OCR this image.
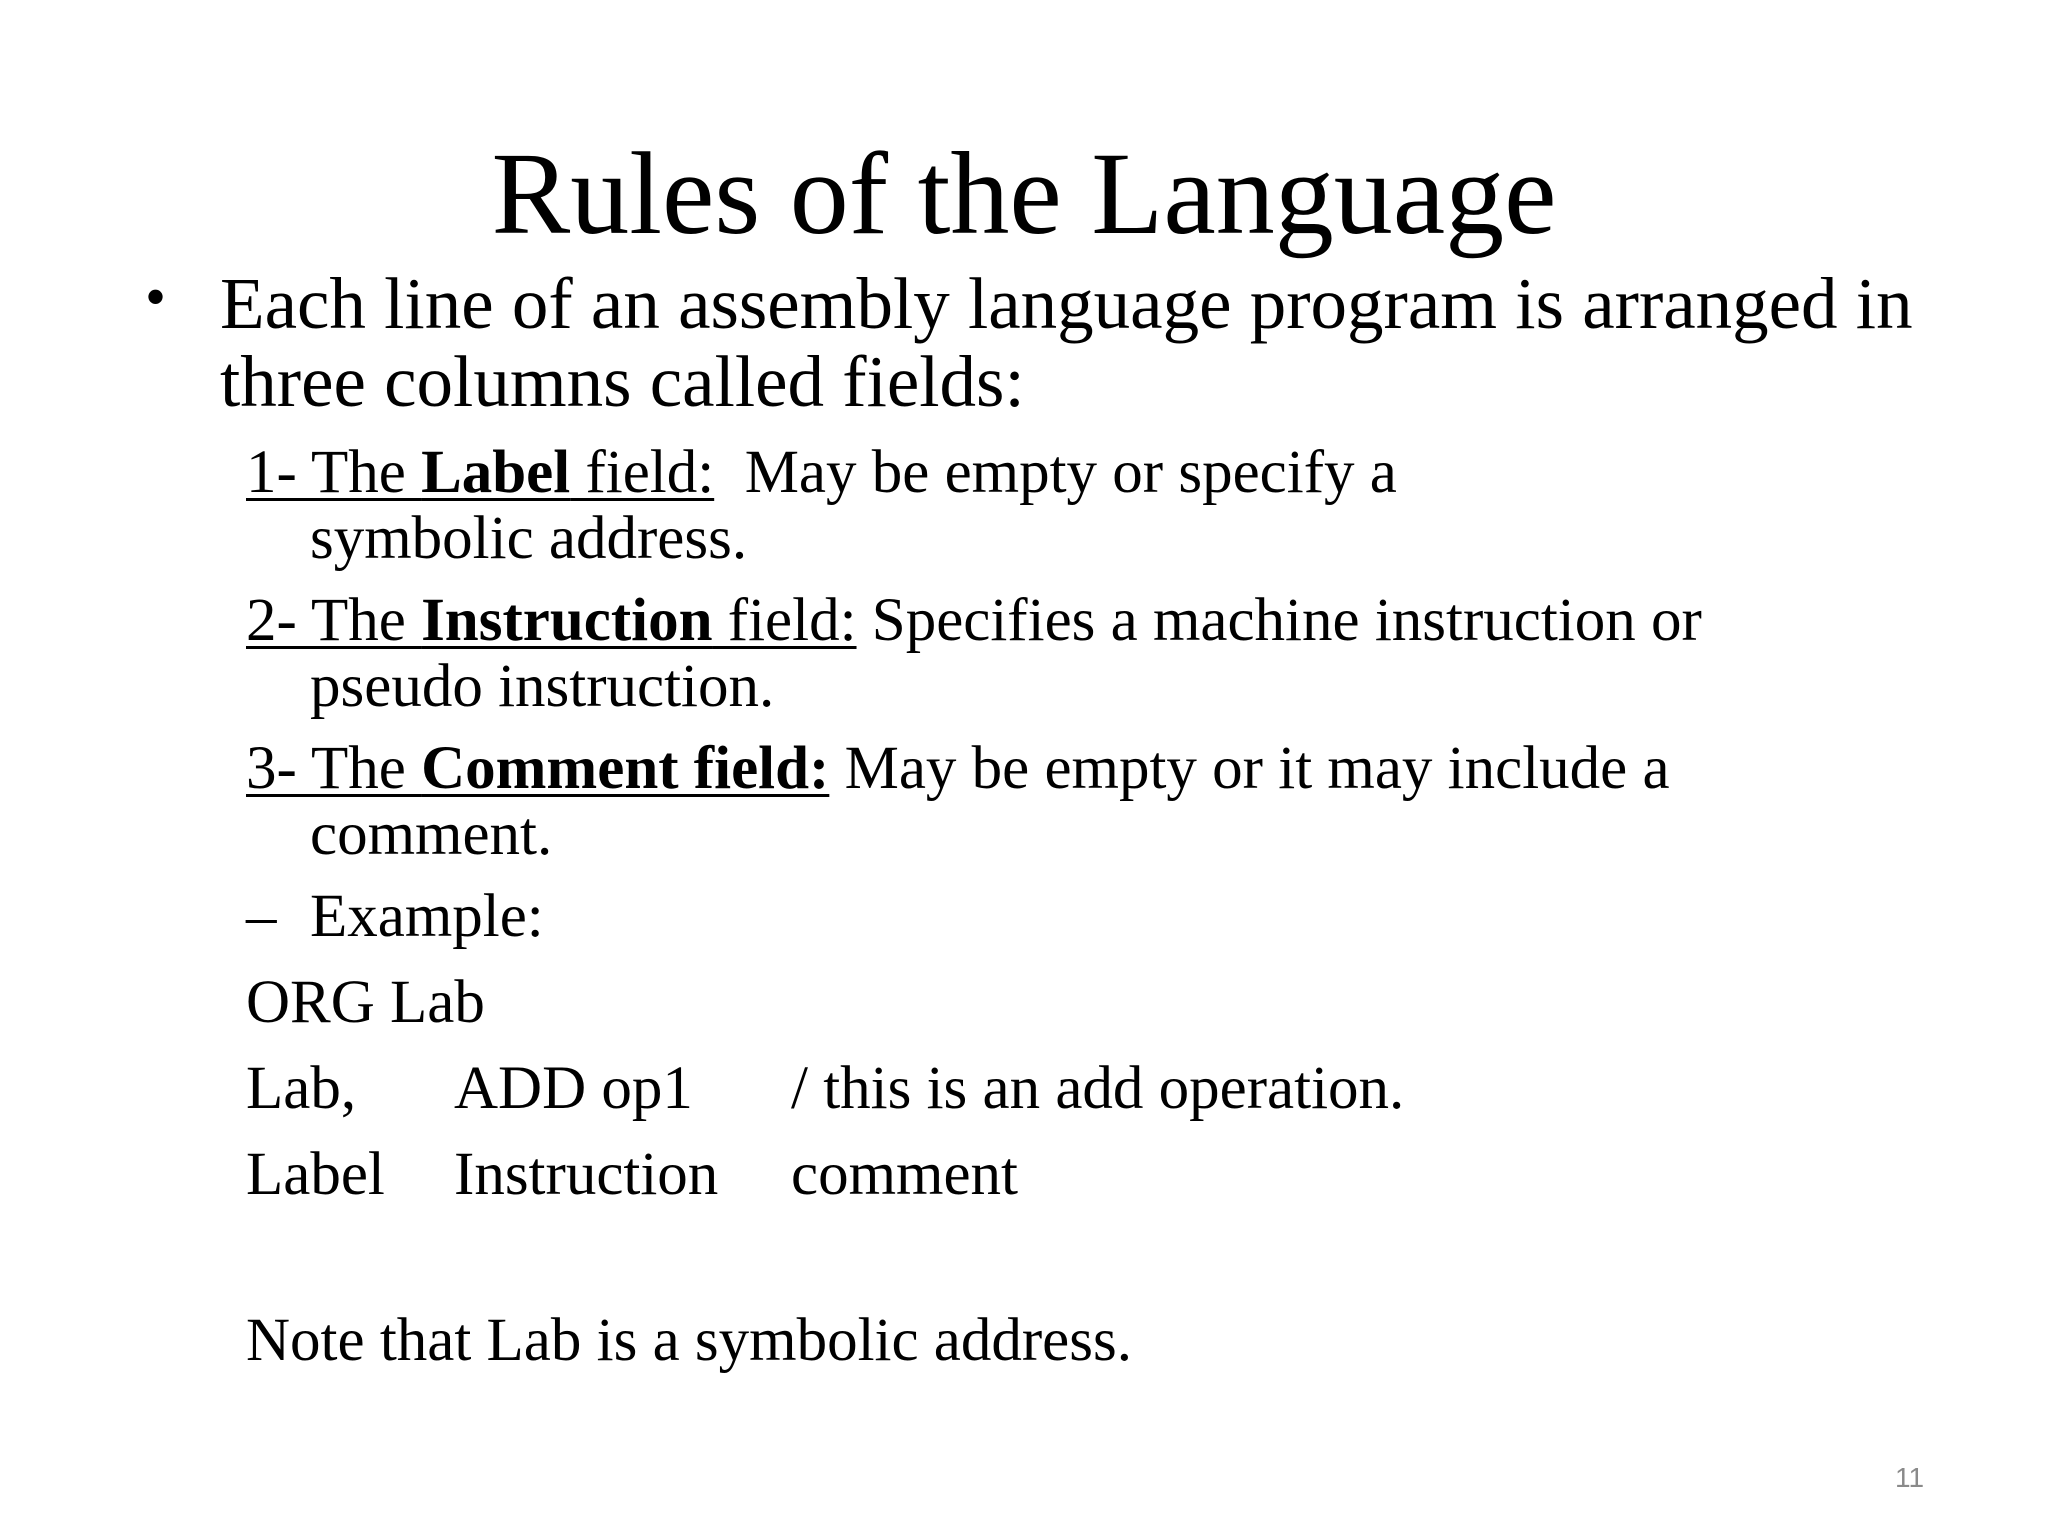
Rules of the Language
• Each line of an assembly language program is arranged in three columns called fields:
1- The Label field:  May be empty or specify a
symbolic address.
2- The Instruction field: Specifies a machine instruction or
pseudo instruction.
3- The Comment field: May be empty or it may include a
comment.
– Example:
ORG Lab
Lab, ADD op1 / this is an add operation.
Label Instruction comment
Note that Lab is a symbolic address.
11
